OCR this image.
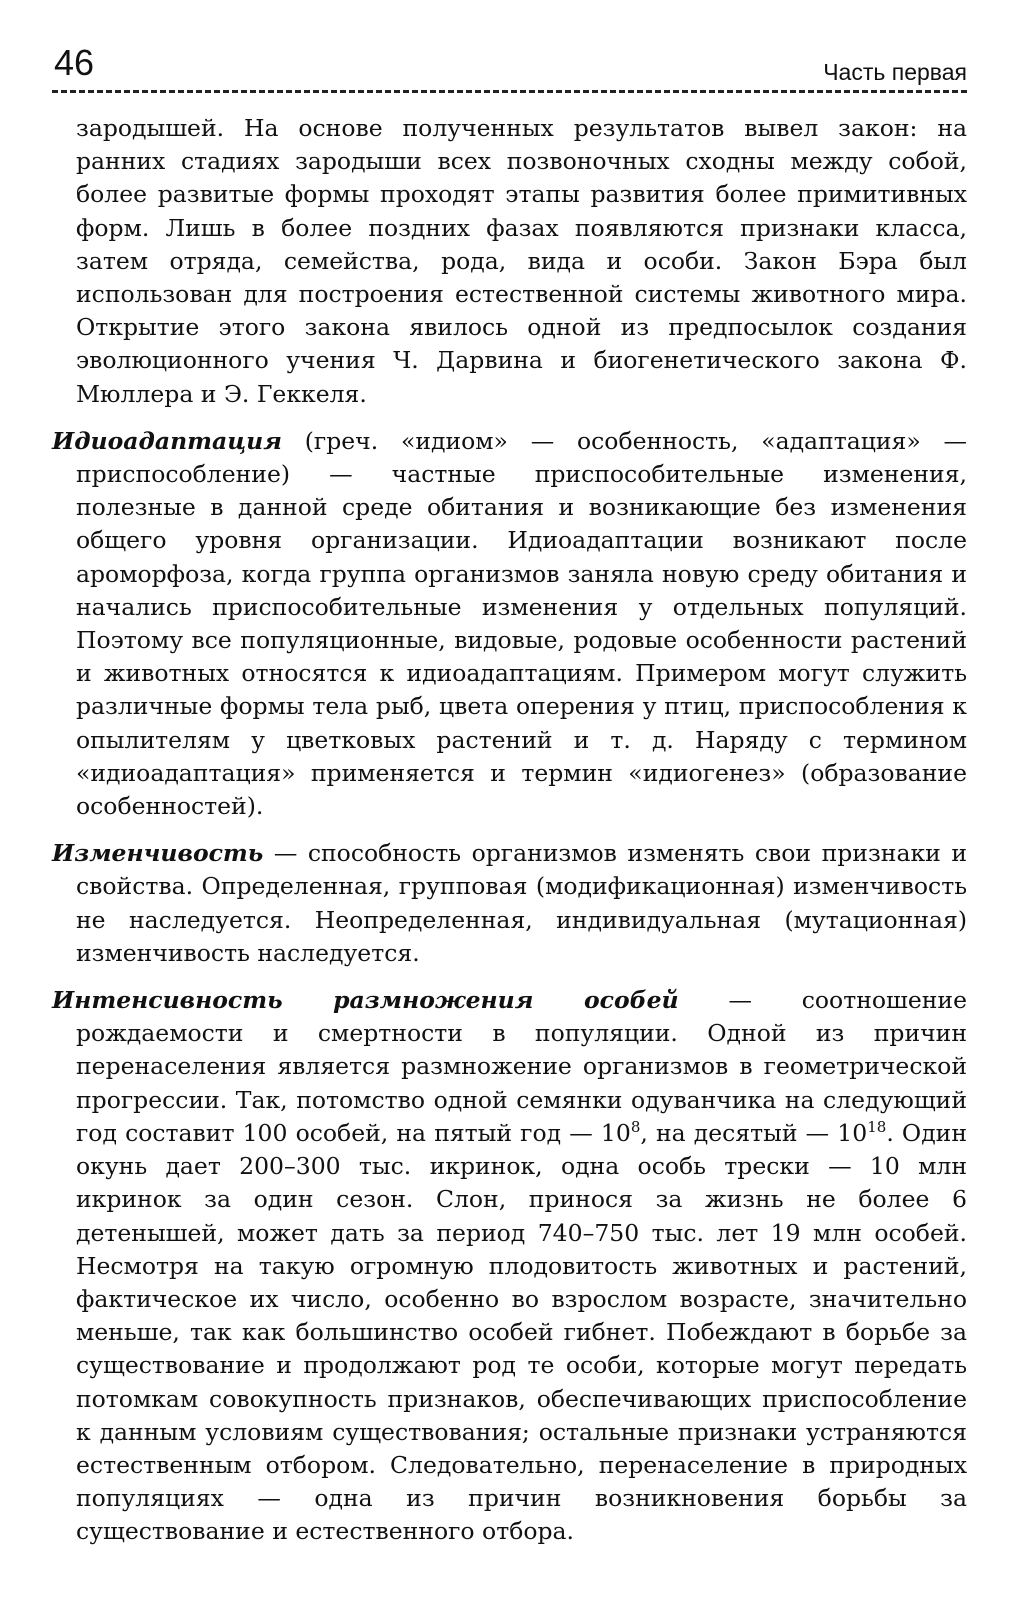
46	Часть первая

зародышей. На основе полученных результатов вывел закон: на ранних стадиях зародыши всех позвоночных сходны между собой, более развитые формы проходят этапы развития более примитивных форм. Лишь в более поздних фазах появляются признаки класса, затем отряда, семейства, рода, вида и особи. Закон Бэра был использован для построения естественной системы животного мира. Открытие этого закона явилось одной из предпосылок создания эволюционного учения Ч. Дарвина и биогенетического закона Ф. Мюллера и Э. Геккеля.

Идиоадаптация (греч. «идиом» — особенность, «адаптация» — приспособление) — частные приспособительные изменения, полезные в данной среде обитания и возникающие без изменения общего уровня организации. Идиоадаптации возникают после ароморфоза, когда группа организмов заняла новую среду обитания и начались приспособительные изменения у отдельных популяций. Поэтому все популяционные, видовые, родовые особенности растений и животных относятся к идиоадаптациям. Примером могут служить различные формы тела рыб, цвета оперения у птиц, приспособления к опылителям у цветковых растений и т. д. Наряду с термином «идиоадаптация» применяется и термин «идиогенез» (образование особенностей).

Изменчивость — способность организмов изменять свои признаки и свойства. Определенная, групповая (модификационная) изменчивость не наследуется. Неопределенная, индивидуальная (мутационная) изменчивость наследуется.

Интенсивность размножения особей — соотношение рождаемости и смертности в популяции. Одной из причин перенаселения является размножение организмов в геометрической прогрессии. Так, потомство одной семянки одуванчика на следующий год составит 100 особей, на пятый год — $10^8$, на десятый — $10^{18}$. Один окунь дает 200–300 тыс. икринок, одна особь трески — 10 млн икринок за один сезон. Слон, принося за жизнь не более 6 детенышей, может дать за период 740–750 тыс. лет 19 млн особей. Несмотря на такую огромную плодовитость животных и растений, фактическое их число, особенно во взрослом возрасте, значительно меньше, так как большинство особей гибнет. Побеждают в борьбе за существование и продолжают род те особи, которые могут передать потомкам совокупность признаков, обеспечивающих приспособление к данным условиям существования; остальные признаки устраняются естественным отбором. Следовательно, перенаселение в природных популяциях — одна из причин возникновения борьбы за существование и естественного отбора.
